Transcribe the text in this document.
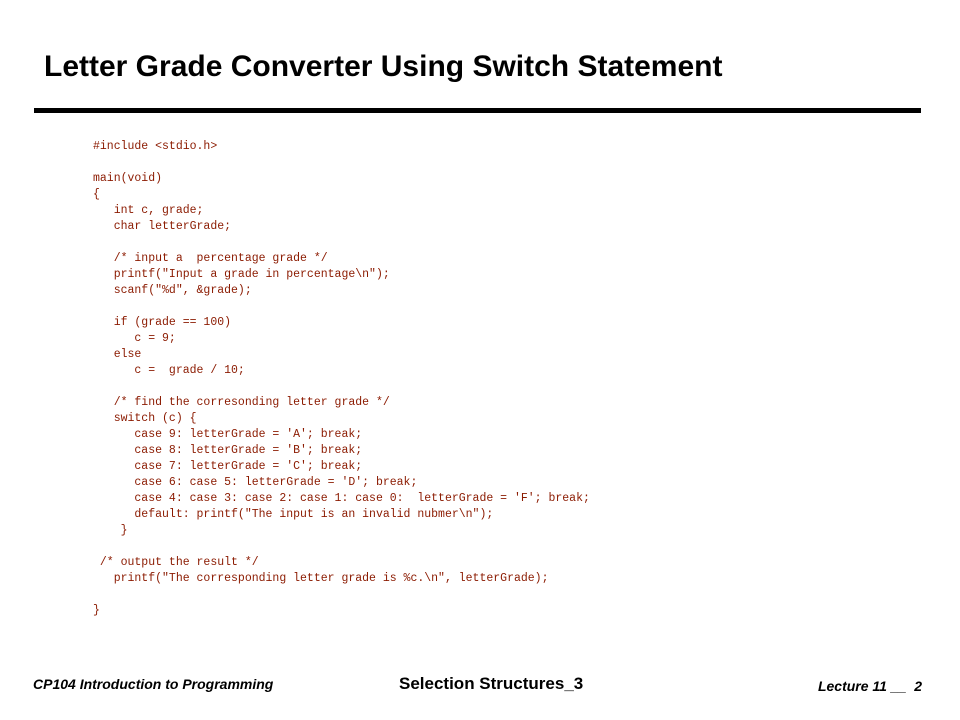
Letter Grade Converter Using Switch Statement
#include <stdio.h>
main(void)
{
int c, grade;
char letterGrade;
/* input a  percentage grade */
printf("Input a grade in percentage\n");
scanf("%d", &grade);
if (grade == 100)
c = 9;
else
c =  grade / 10;
/* find the corresonding letter grade */
switch (c) {
case 9: letterGrade = 'A'; break;
case 8: letterGrade = 'B'; break;
case 7: letterGrade = 'C'; break;
case 6: case 5: letterGrade = 'D'; break;
case 4: case 3: case 2: case 1: case 0:  letterGrade = 'F'; break;
default: printf("The input is an invalid nubmer\n");
}
/* output the result */
printf("The corresponding letter grade is %c.\n", letterGrade);
}
CP104 Introduction to Programming	Selection Structures_3	Lecture 11 __  2
